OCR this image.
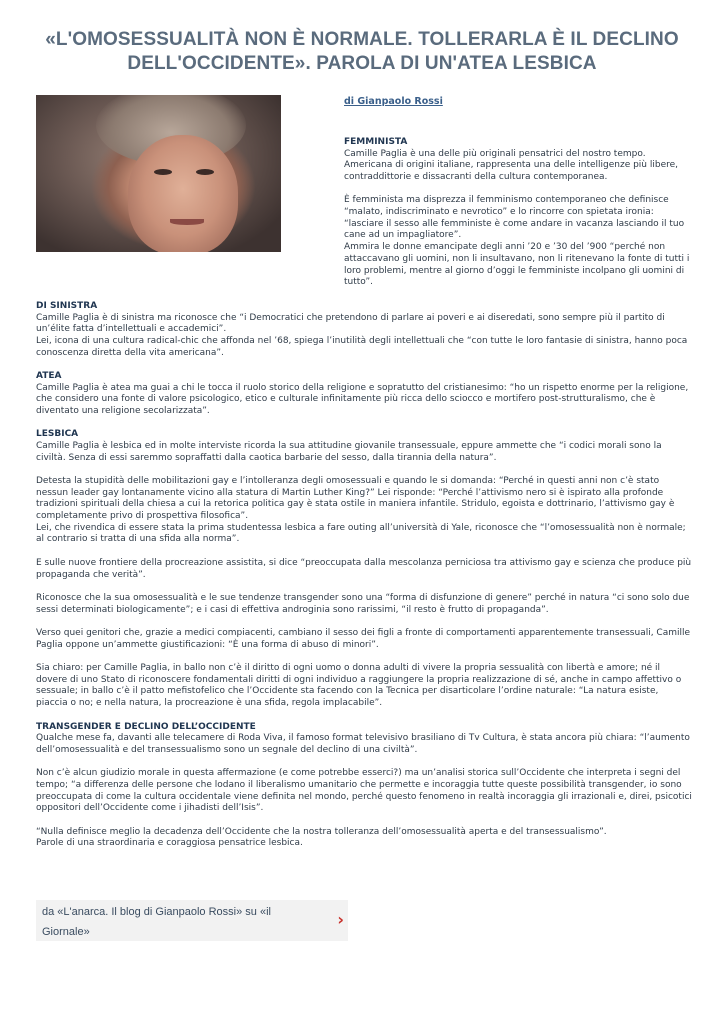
«L'OMOSESSUALITÀ NON È NORMALE. TOLLERARLA È IL DECLINO DELL'OCCIDENTE». PAROLA DI UN'ATEA LESBICA
di Gianpaolo Rossi

FEMMINISTA

Camille Paglia è una delle più originali pensatrici del nostro tempo. Americana di origini italiane, rappresenta una delle intelligenze più libere, contraddittorie e dissacranti della cultura contemporanea.

È femminista ma disprezza il femminismo contemporaneo che definisce “malato, indiscriminato e nevrotico” e lo rincorre con spietata ironia: “lasciare il sesso alle femministe è come andare in vacanza lasciando il tuo cane ad un impagliatore”.

Ammira le donne emancipate degli anni ’20 e ’30 del ’900 “perché non attaccavano gli uomini, non li insultavano, non li ritenevano la fonte di tutti i loro problemi, mentre al giorno d’oggi le femministe incolpano gli uomini di tutto”.

DI SINISTRA

Camille Paglia è di sinistra ma riconosce che “i Democratici che pretendono di parlare ai poveri e ai diseredati, sono sempre più il partito di un’élite fatta d’intellettuali e accademici”.

Lei, icona di una cultura radical-chic che affonda nel ’68, spiega l’inutilità degli intellettuali che “con tutte le loro fantasie di sinistra, hanno poca conoscenza diretta della vita americana”.

ATEA

Camille Paglia è atea ma guai a chi le tocca il ruolo storico della religione e sopratutto del cristianesimo: “ho un rispetto enorme per la religione, che considero una fonte di valore psicologico, etico e culturale infinitamente più ricca dello sciocco e mortifero post-strutturalismo, che è diventato una religione secolarizzata”.

LESBICA

Camille Paglia è lesbica ed in molte interviste ricorda la sua attitudine giovanile transessuale, eppure ammette che “i codici morali sono la civiltà. Senza di essi saremmo sopraffatti dalla caotica barbarie del sesso, dalla tirannia della natura”.

Detesta la stupidità delle mobilitazioni gay e l’intolleranza degli omosessuali e quando le si domanda: “Perché in questi anni non c’è stato nessun leader gay lontanamente vicino alla statura di Martin Luther King?” Lei risponde: “Perché l’attivismo nero si è ispirato alla profonde tradizioni spirituali della chiesa a cui la retorica politica gay è stata ostile in maniera infantile. Stridulo, egoista e dottrinario, l’attivismo gay è completamente privo di prospettiva filosofica”.

Lei, che rivendica di essere stata la prima studentessa lesbica a fare outing all’università di Yale, riconosce che “l’omosessualità non è normale; al contrario si tratta di una sfida alla norma”.

E sulle nuove frontiere della procreazione assistita, si dice “preoccupata dalla mescolanza perniciosa tra attivismo gay e scienza che produce più propaganda che verità”.

Riconosce che la sua omosessualità e le sue tendenze transgender sono una “forma di disfunzione di genere” perché in natura “ci sono solo due sessi determinati biologicamente”; e i casi di effettiva androginia sono rarissimi, “il resto è frutto di propaganda”.

Verso quei genitori che, grazie a medici compiacenti, cambiano il sesso dei figli a fronte di comportamenti apparentemente transessuali, Camille Paglia oppone un’ammette giustificazioni: “È una forma di abuso di minori”.

Sia chiaro: per Camille Paglia, in ballo non c’è il diritto di ogni uomo o donna adulti di vivere la propria sessualità con libertà e amore; né il dovere di uno Stato di riconoscere fondamentali diritti di ogni individuo a raggiungere la propria realizzazione di sé, anche in campo affettivo o sessuale; in ballo c’è il patto mefistofelico che l’Occidente sta facendo con la Tecnica per disarticolare l’ordine naturale: “La natura esiste, piaccia o no; e nella natura, la procreazione è una sfida, regola implacabile”.

TRANSGENDER E DECLINO DELL’OCCIDENTE

Qualche mese fa, davanti alle telecamere di Roda Viva, il famoso format televisivo brasiliano di Tv Cultura, è stata ancora più chiara: “l’aumento dell’omosessualità e del transessualismo sono un segnale del declino di una civiltà”.

Non c’è alcun giudizio morale in questa affermazione (e come potrebbe esserci?) ma un’analisi storica sull’Occidente che interpreta i segni del tempo; “a differenza delle persone che lodano il liberalismo umanitario che permette e incoraggia tutte queste possibilità transgender, io sono preoccupata di come la cultura occidentale viene definita nel mondo, perché questo fenomeno in realtà incoraggia gli irrazionali e, direi, psicotici oppositori dell’Occidente come i jihadisti dell’Isis”.

“Nulla definisce meglio la decadenza dell’Occidente che la nostra tolleranza dell’omosessualità aperta e del transessualismo”.

Parole di una straordinaria e coraggiosa pensatrice lesbica.

da «L'anarca. Il blog di Gianpaolo Rossi» su «il Giornale»
›
